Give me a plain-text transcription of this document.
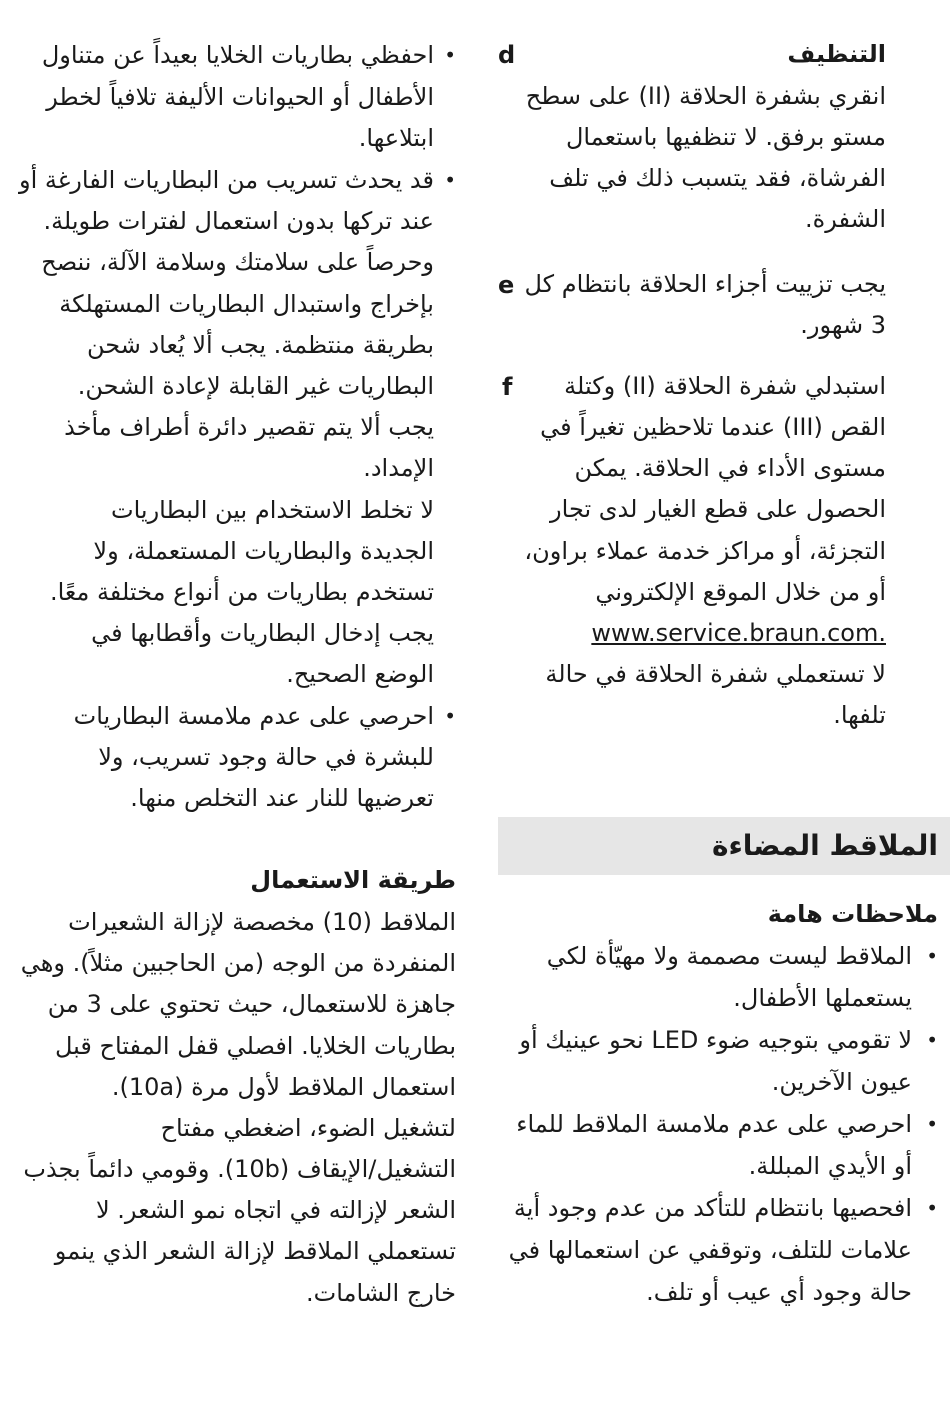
d	التنظيف
انقري بشفرة الحلاقة (II) على سطح
مستو برفق. لا تنظفيها باستعمال
الفرشاة، فقد يتسبب ذلك في تلف
الشفرة.
e يجب تزييت أجزاء الحلاقة بانتظام كل
3 شهور.
f استبدلي شفرة الحلاقة (II) وكتلة
القص (III) عندما تلاحظين تغيراً في
مستوى الأداء في الحلاقة. يمكن
الحصول على قطع الغيار لدى تجار
التجزئة، أو مراكز خدمة عملاء براون،
أو من خلال الموقع الإلكتروني
www.service.braun.com.
لا تستعملي شفرة الحلاقة في حالة
تلفها.
الملاقط المضاءة
ملاحظات هامة
•
الملاقط ليست مصممة ولا مهيّأة لكي
يستعملها الأطفال.
•
لا تقومي بتوجيه ضوء LED نحو عينيك أو
عيون الآخرين.
•
احرصي على عدم ملامسة الملاقط للماء
أو الأيدي المبللة.
•
افحصيها بانتظام للتأكد من عدم وجود أية
علامات للتلف، وتوقفي عن استعمالها في
حالة وجود أي عيب أو تلف.
•
احفظي بطاريات الخلايا بعيداً عن متناول
الأطفال أو الحيوانات الأليفة تلافياً لخطر
ابتلاعها.
•
قد يحدث تسريب من البطاريات الفارغة أو
عند تركها بدون استعمال لفترات طويلة.
وحرصاً على سلامتك وسلامة الآلة، ننصح
بإخراج واستبدال البطاريات المستهلكة
بطريقة منتظمة. يجب ألا يُعاد شحن
البطاريات غير القابلة لإعادة الشحن.
يجب ألا يتم تقصير دائرة أطراف مأخذ
الإمداد.
لا تخلط الاستخدام بين البطاريات
الجديدة والبطاريات المستعملة، ولا
تستخدم بطاريات من أنواع مختلفة معًا.
يجب إدخال البطاريات وأقطابها في
الوضع الصحيح.
•
احرصي على عدم ملامسة البطاريات
للبشرة في حالة وجود تسريب، ولا
تعرضيها للنار عند التخلص منها.
طريقة الاستعمال
الملاقط (10) مخصصة لإزالة الشعيرات
المنفردة من الوجه (من الحاجبين مثلاً). وهي
جاهزة للاستعمال، حيث تحتوي على 3 من
بطاريات الخلايا. افصلي قفل المفتاح قبل
استعمال الملاقط لأول مرة (10a).
لتشغيل الضوء، اضغطي مفتاح
التشغيل/الإيقاف (10b). وقومي دائماً بجذب
الشعر لإزالته في اتجاه نمو الشعر. لا
تستعملي الملاقط لإزالة الشعر الذي ينمو
خارج الشامات.
